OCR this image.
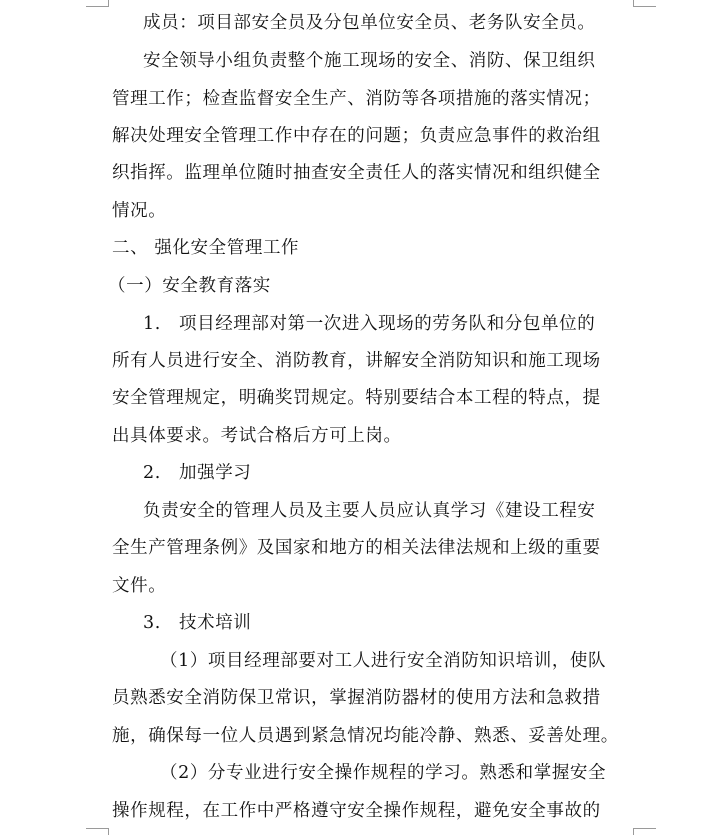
成员：项目部安全员及分包单位安全员、老务队安全员。
安全领导小组负责整个施工现场的安全、消防、保卫组织
管理工作；检查监督安全生产、消防等各项措施的落实情况；
解决处理安全管理工作中存在的问题；负责应急事件的救治组
织指挥。监理单位随时抽查安全责任人的落实情况和组织健全
情况。
二、 强化安全管理工作
（一）安全教育落实
1.　项目经理部对第一次进入现场的劳务队和分包单位的
所有人员进行安全、消防教育，讲解安全消防知识和施工现场
安全管理规定，明确奖罚规定。特别要结合本工程的特点，提
出具体要求。考试合格后方可上岗。
2.　加强学习
负责安全的管理人员及主要人员应认真学习《建设工程安
全生产管理条例》及国家和地方的相关法律法规和上级的重要
文件。
3.　技术培训
（1）项目经理部要对工人进行安全消防知识培训，使队
员熟悉安全消防保卫常识，掌握消防器材的使用方法和急救措
施，确保每一位人员遇到紧急情况均能冷静、熟悉、妥善处理。
（2）分专业进行安全操作规程的学习。熟悉和掌握安全
操作规程，在工作中严格遵守安全操作规程，避免安全事故的
